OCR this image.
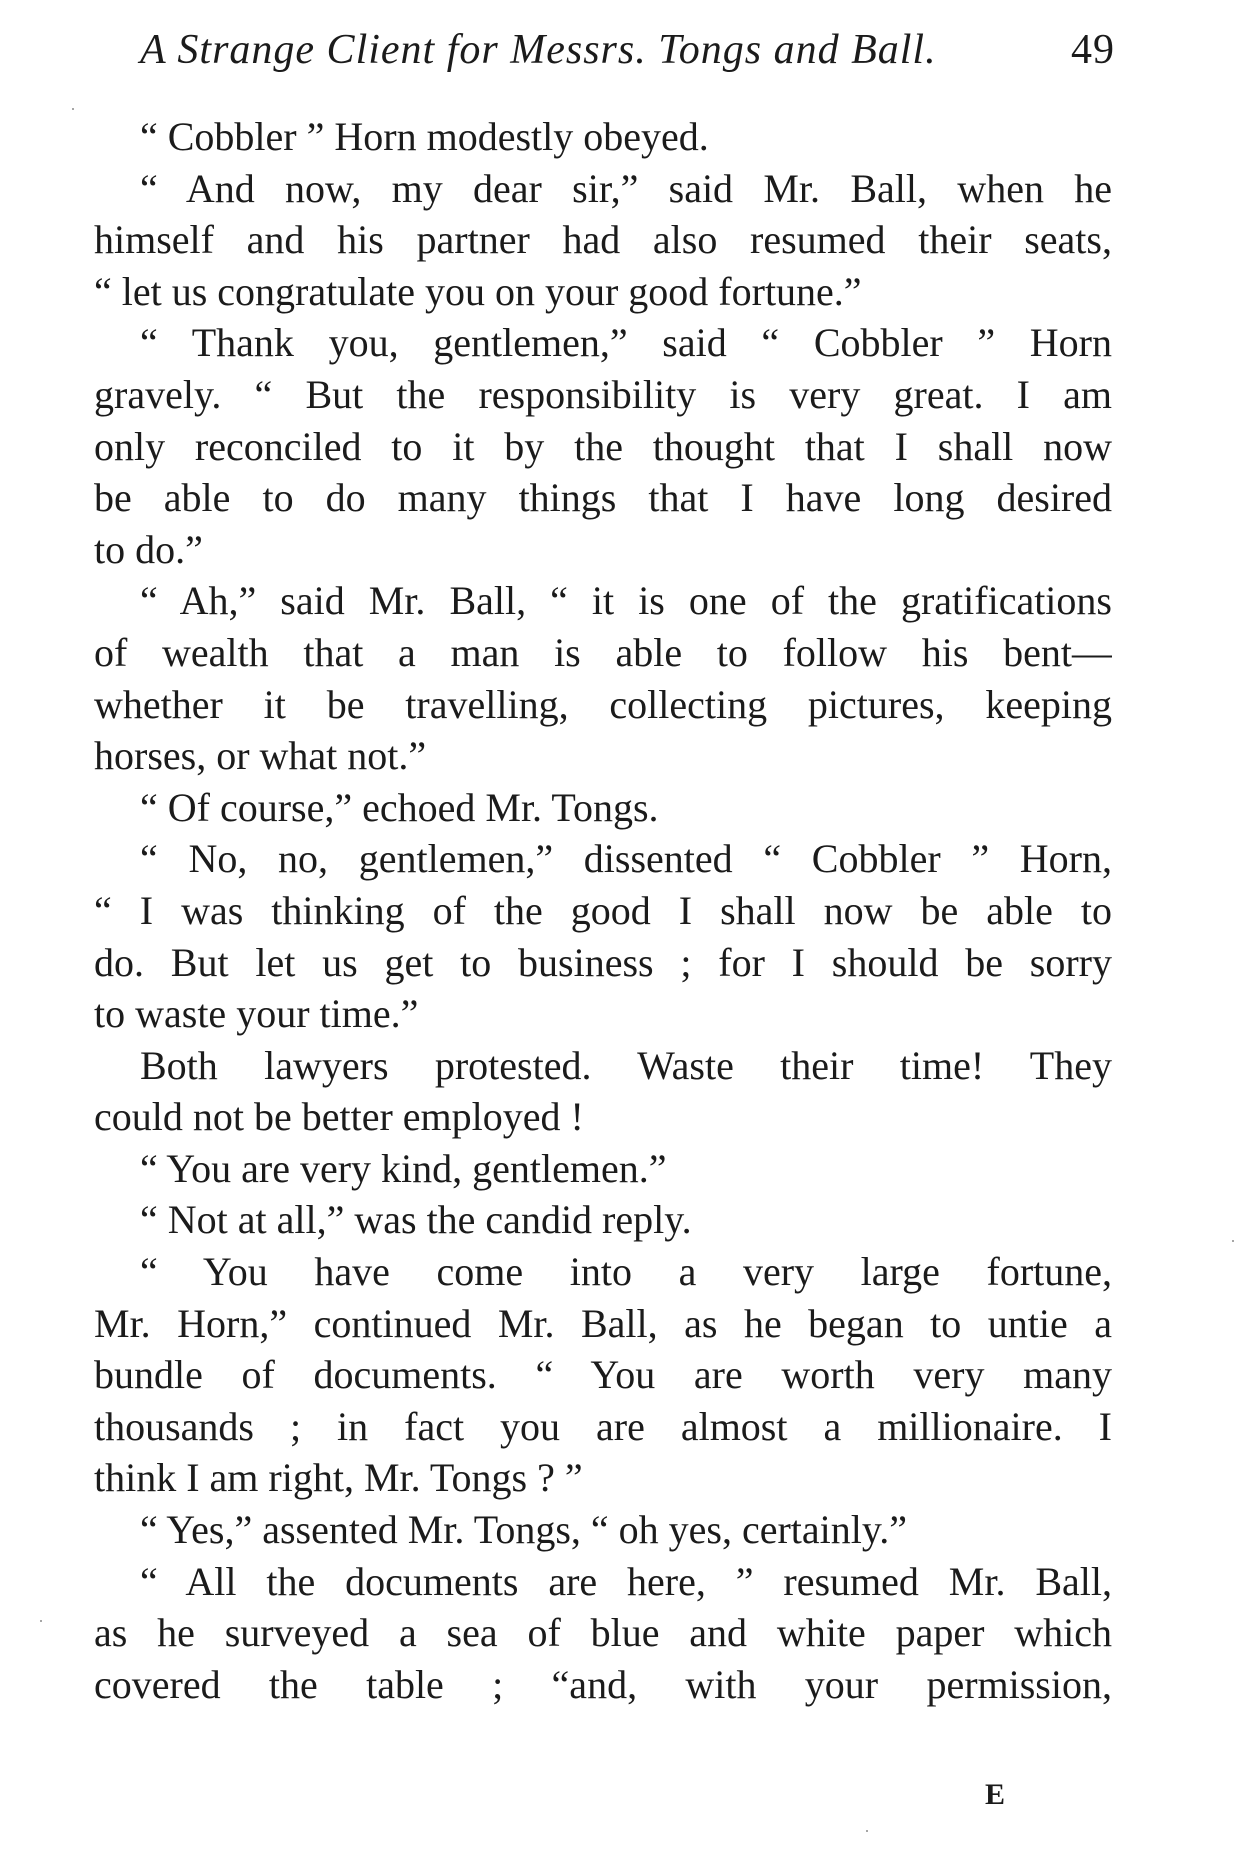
A Strange Client for Messrs. Tongs and Ball.	49
“ Cobbler ” Horn modestly obeyed.
“ And now, my dear sir,” said Mr. Ball, when he
himself and his partner had also resumed their seats,
“ let us congratulate you on your good fortune.”
“ Thank you, gentlemen,” said “ Cobbler ” Horn
gravely. “ But the responsibility is very great. I am
only reconciled to it by the thought that I shall now
be able to do many things that I have long desired
to do.”
“ Ah,” said Mr. Ball, “ it is one of the gratifications
of wealth that a man is able to follow his bent—
whether it be travelling, collecting pictures, keeping
horses, or what not.”
“ Of course,” echoed Mr. Tongs.
“ No, no, gentlemen,” dissented “ Cobbler ” Horn,
“ I was thinking of the good I shall now be able to
do. But let us get to business ; for I should be sorry
to waste your time.”
Both lawyers protested. Waste their time! They
could not be better employed !
“ You are very kind, gentlemen.”
“ Not at all,” was the candid reply.
“ You have come into a very large fortune,
Mr. Horn,” continued Mr. Ball, as he began to untie a
bundle of documents. “ You are worth very many
thousands ; in fact you are almost a millionaire. I
think I am right, Mr. Tongs ? ”
“ Yes,” assented Mr. Tongs, “ oh yes, certainly.”
“ All the documents are here, ” resumed Mr. Ball,
as he surveyed a sea of blue and white paper which
covered the table ; “and, with your permission,
E
